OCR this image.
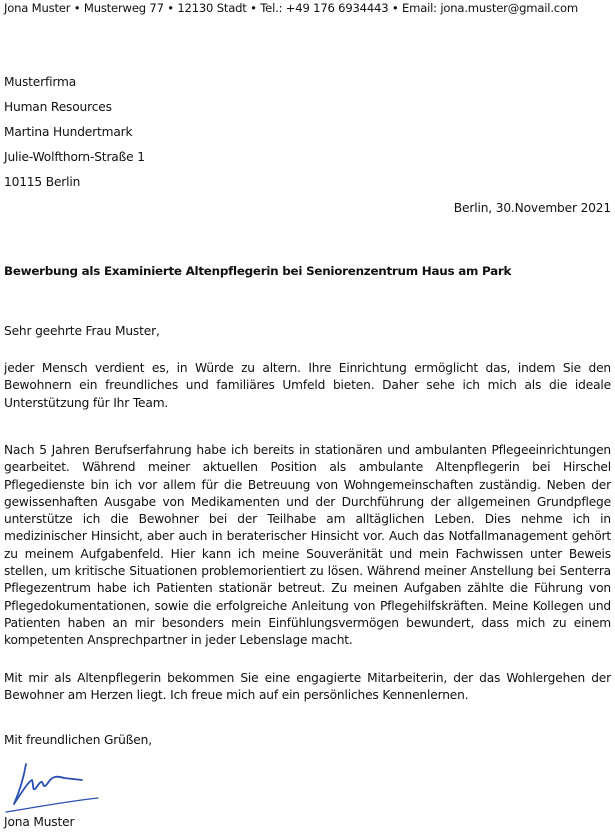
Jona Muster • Musterweg 77 • 12130 Stadt • Tel.: +49 176 6934443 • Email: jona.muster@gmail.com
Musterfirma
Human Resources
Martina Hundertmark
Julie-Wolfthorn-Straße 1
10115 Berlin
Berlin, 30.November 2021
Bewerbung als Examinierte Altenpflegerin bei Seniorenzentrum Haus am Park
Sehr geehrte Frau Muster,
jeder Mensch verdient es, in Würde zu altern. Ihre Einrichtung ermöglicht das, indem Sie den Bewohnern ein freundliches und familiäres Umfeld bieten. Daher sehe ich mich als die ideale Unterstützung für Ihr Team.
Nach 5 Jahren Berufserfahrung habe ich bereits in stationären und ambulanten Pflegeeinrichtungen gearbeitet. Während meiner aktuellen Position als ambulante Altenpflegerin bei Hirschel Pflegedienste bin ich vor allem für die Betreuung von Wohngemeinschaften zuständig. Neben der gewissenhaften Ausgabe von Medikamenten und der Durchführung der allgemeinen Grundpflege unterstütze ich die Bewohner bei der Teilhabe am alltäglichen Leben. Dies nehme ich in medizinischer Hinsicht, aber auch in beraterischer Hinsicht vor. Auch das Notfallmanagement gehört zu meinem Aufgabenfeld. Hier kann ich meine Souveränität und mein Fachwissen unter Beweis stellen, um kritische Situationen problemorientiert zu lösen. Während meiner Anstellung bei Senterra Pflegezentrum habe ich Patienten stationär betreut. Zu meinen Aufgaben zählte die Führung von Pflegedokumentationen, sowie die erfolgreiche Anleitung von Pflegehilfskräften. Meine Kollegen und Patienten haben an mir besonders mein Einfühlungsvermögen bewundert, dass mich zu einem kompetenten Ansprechpartner in jeder Lebenslage macht.
Mit mir als Altenpflegerin bekommen Sie eine engagierte Mitarbeiterin, der das Wohlergehen der Bewohner am Herzen liegt. Ich freue mich auf ein persönliches Kennenlernen.
Mit freundlichen Grüßen,
Jona Muster
